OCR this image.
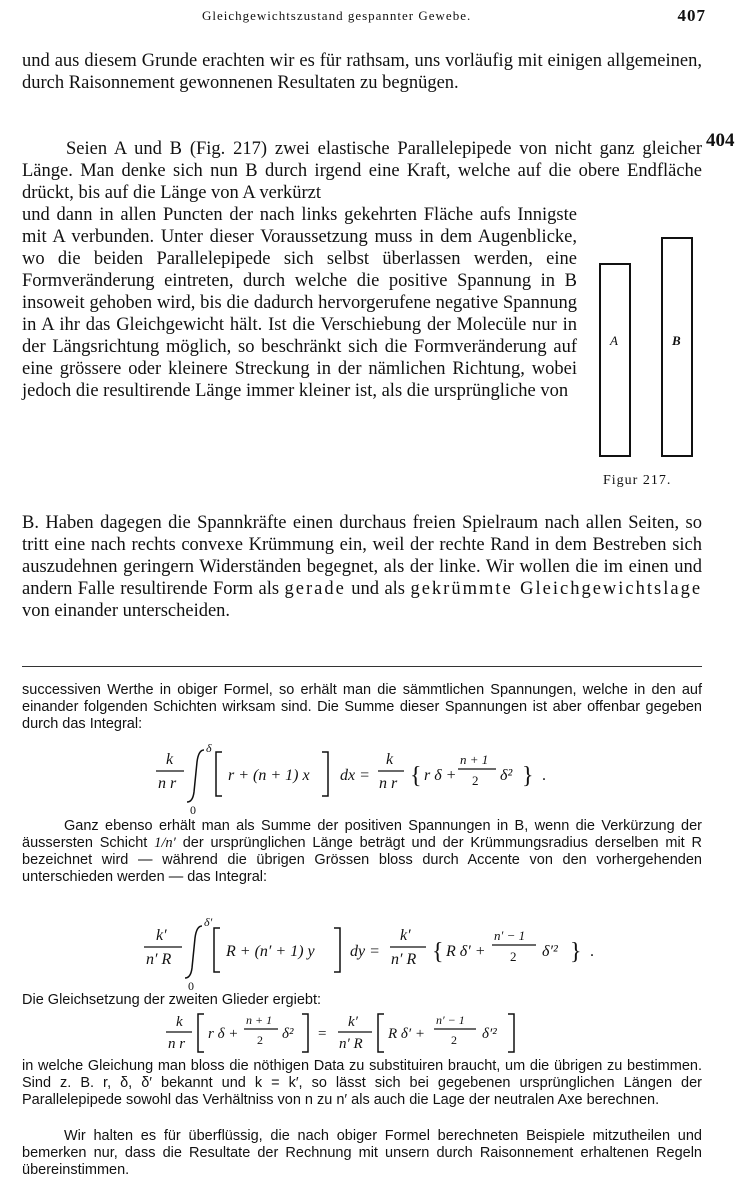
Gleichgewichtszustand gespannter Gewebe.	407
404

und aus diesem Grunde erachten wir es für rathsam, uns vorläufig mit einigen allgemeinen, durch Raisonnement gewonnenen Resultaten zu begnügen.

Seien A und B (Fig. 217) zwei elastische Parallelepipede von nicht ganz gleicher Länge. Man denke sich nun B durch irgend eine Kraft, welche auf die obere Endfläche drückt, bis auf die Länge von A verkürzt

und dann in allen Puncten der nach links gekehrten Fläche aufs Innigste mit A verbunden. Unter dieser Voraussetzung muss in dem Augenblicke, wo die beiden Parallelepipede sich selbst überlassen werden, eine Formveränderung eintreten, durch welche die positive Spannung in B insoweit gehoben wird, bis die dadurch hervorgerufene negative Spannung in A ihr das Gleichgewicht hält. Ist die Verschiebung der Molecüle nur in der Längsrichtung möglich, so beschränkt sich die Formveränderung auf eine grössere oder kleinere Streckung in der nämlichen Richtung, wobei jedoch die resultirende Länge immer kleiner ist, als die ursprüngliche von

B. Haben dagegen die Spannkräfte einen durchaus freien Spielraum nach allen Seiten, so tritt eine nach rechts convexe Krümmung ein, weil der rechte Rand in dem Bestreben sich auszudehnen geringern Widerständen begegnet, als der linke. Wir wollen die im einen und andern Falle resultirende Form als gerade und als gekrümmte Gleichgewichtslage von einander unterscheiden.

A	B
Figur 217.

successiven Werthe in obiger Formel, so erhält man die sämmtlichen Spannungen, welche in den auf einander folgenden Schichten wirksam sind. Die Summe dieser Spannungen ist aber offenbar gegeben durch das Integral:

k
n r
δ
0
r + (n + 1) x dx =
k
n r { r δ +
n + 1
2 δ² } .

Ganz ebenso erhält man als Summe der positiven Spannungen in B, wenn die Verkürzung der äussersten Schicht 1/n′ der ursprünglichen Länge beträgt und der Krümmungsradius derselben mit R bezeichnet wird — während die übrigen Grössen bloss durch Accente von den vorhergehenden unterschieden werden — das Integral:

k′
n′ R
δ′
0
R + (n′ + 1) y dy =
k′
n′ R { R δ′ +
n′ − 1
2 δ′² } .

Die Gleichsetzung der zweiten Glieder ergiebt:

k
n r
r δ +
n + 1
2 δ² =
k′
n′ R
R δ′ +
n′ − 1
2 δ′²

in welche Gleichung man bloss die nöthigen Data zu substituiren braucht, um die übrigen zu bestimmen. Sind z. B. r, δ, δ′ bekannt und k = k′, so lässt sich bei gegebenen ursprünglichen Längen der Parallelepipede sowohl das Verhältniss von n zu n′ als auch die Lage der neutralen Axe berechnen.

Wir halten es für überflüssig, die nach obiger Formel berechneten Beispiele mitzutheilen und bemerken nur, dass die Resultate der Rechnung mit unsern durch Raisonnement erhaltenen Regeln übereinstimmen.
